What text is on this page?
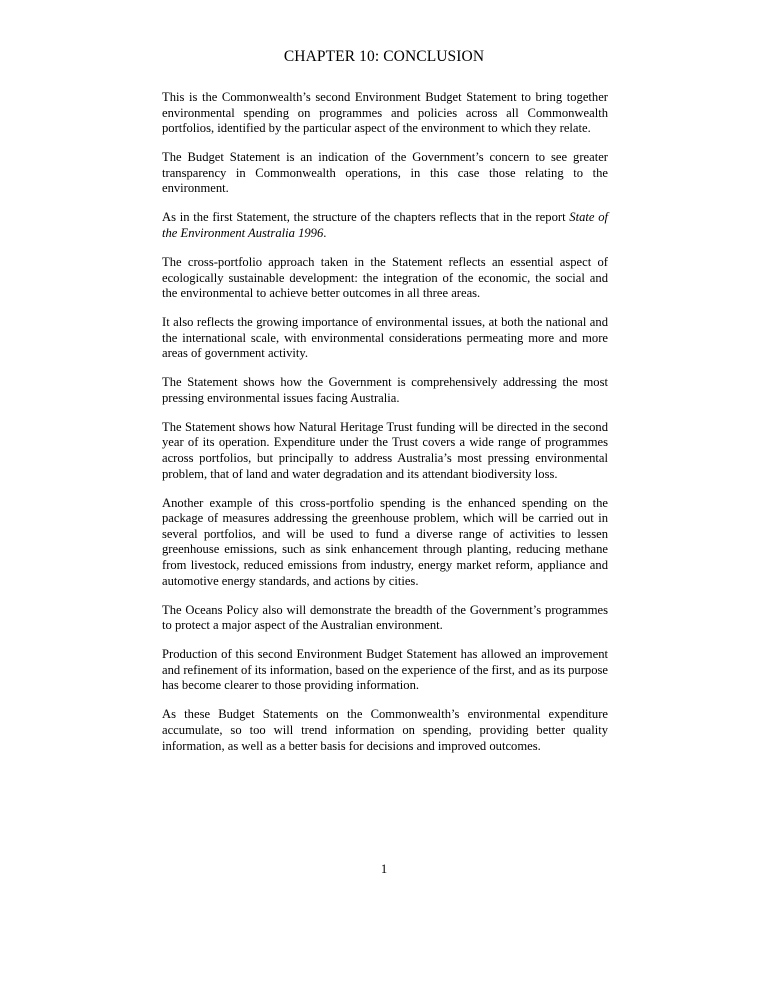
CHAPTER 10: CONCLUSION

This is the Commonwealth’s second Environment Budget Statement to bring together environmental spending on programmes and policies across all Commonwealth portfolios, identified by the particular aspect of the environment to which they relate.

The Budget Statement is an indication of the Government’s concern to see greater transparency in Commonwealth operations, in this case those relating to the environment.

As in the first Statement, the structure of the chapters reflects that in the report State of the Environment Australia 1996.

The cross-portfolio approach taken in the Statement reflects an essential aspect of ecologically sustainable development: the integration of the economic, the social and the environmental to achieve better outcomes in all three areas.

It also reflects the growing importance of environmental issues, at both the national and the international scale, with environmental considerations permeating more and more areas of government activity.

The Statement shows how the Government is comprehensively addressing the most pressing environmental issues facing Australia.

The Statement shows how Natural Heritage Trust funding will be directed in the second year of its operation. Expenditure under the Trust covers a wide range of programmes across portfolios, but principally to address Australia’s most pressing environmental problem, that of land and water degradation and its attendant biodiversity loss.

Another example of this cross-portfolio spending is the enhanced spending on the package of measures addressing the greenhouse problem, which will be carried out in several portfolios, and will be used to fund a diverse range of activities to lessen greenhouse emissions, such as sink enhancement through planting, reducing methane from livestock, reduced emissions from industry, energy market reform, appliance and automotive energy standards, and actions by cities.

The Oceans Policy also will demonstrate the breadth of the Government’s programmes to protect a major aspect of the Australian environment.

Production of this second Environment Budget Statement has allowed an improvement and refinement of its information, based on the experience of the first, and as its purpose has become clearer to those providing information.

As these Budget Statements on the Commonwealth’s environmental expenditure accumulate, so too will trend information on spending, providing better quality information, as well as a better basis for decisions and improved outcomes.

1
